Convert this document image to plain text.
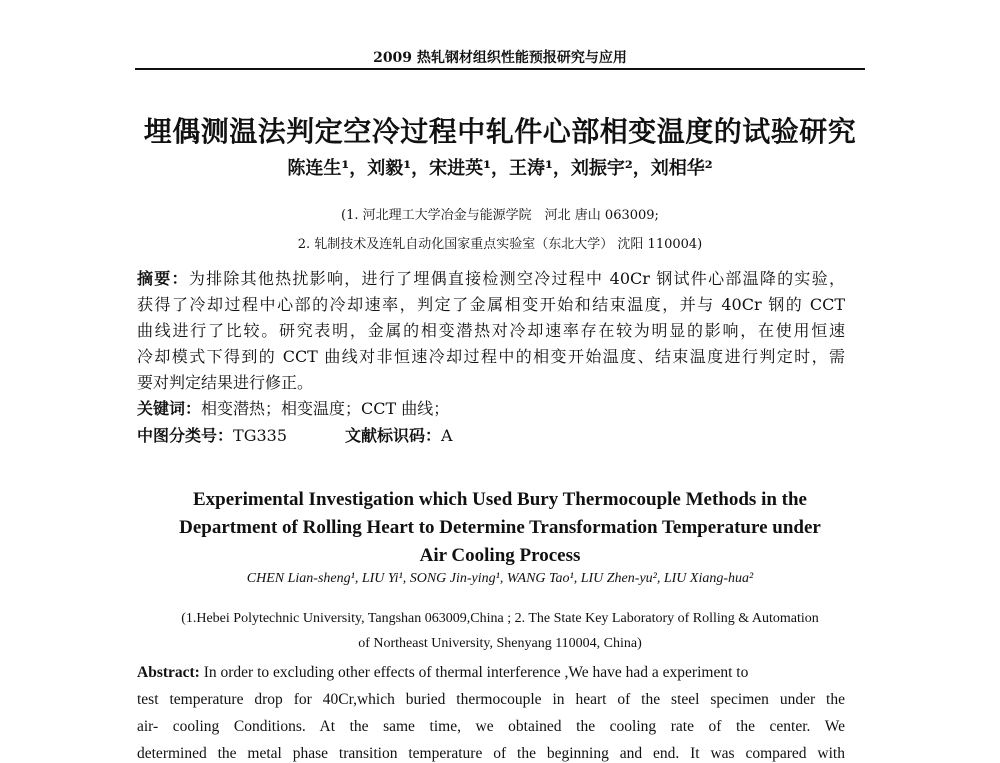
2009 热轧钢材组织性能预报研究与应用
埋偶测温法判定空冷过程中轧件心部相变温度的试验研究
陈连生¹，刘毅¹，宋进英¹，王涛¹，刘振宇²，刘相华²
(1. 河北理工大学冶金与能源学院　河北 唐山 063009;
2. 轧制技术及连轧自动化国家重点实验室（东北大学） 沈阳 110004)
摘要：为排除其他热扰影响，进行了埋偶直接检测空冷过程中 40Cr 钢试件心部温降的实验，
获得了冷却过程中心部的冷却速率，判定了金属相变开始和结束温度，并与 40Cr 钢的 CCT
曲线进行了比较。研究表明，金属的相变潜热对冷却速率存在较为明显的影响，在使用恒速
冷却模式下得到的 CCT 曲线对非恒速冷却过程中的相变开始温度、结束温度进行判定时，需
要对判定结果进行修正。
关键词：相变潜热；相变温度；CCT 曲线；
中图分类号：TG335	文献标识码：A
Experimental Investigation which Used Bury Thermocouple Methods in the
Department of Rolling Heart to Determine Transformation Temperature under
Air Cooling Process
CHEN Lian-sheng¹, LIU Yi¹, SONG Jin-ying¹, WANG Tao¹, LIU Zhen-yu², LIU Xiang-hua²
(1.Hebei Polytechnic University, Tangshan 063009,China ; 2. The State Key Laboratory of Rolling & Automation
of Northeast University, Shenyang 110004, China)
Abstract: In order to excluding other effects of thermal interference ,We have had a experiment to
test temperature drop for 40Cr,which buried thermocouple in heart of the steel specimen under the
air- cooling Conditions. At the same time, we obtained the cooling rate of the center. We
determined the metal phase transition temperature of the beginning and end. It was compared with
